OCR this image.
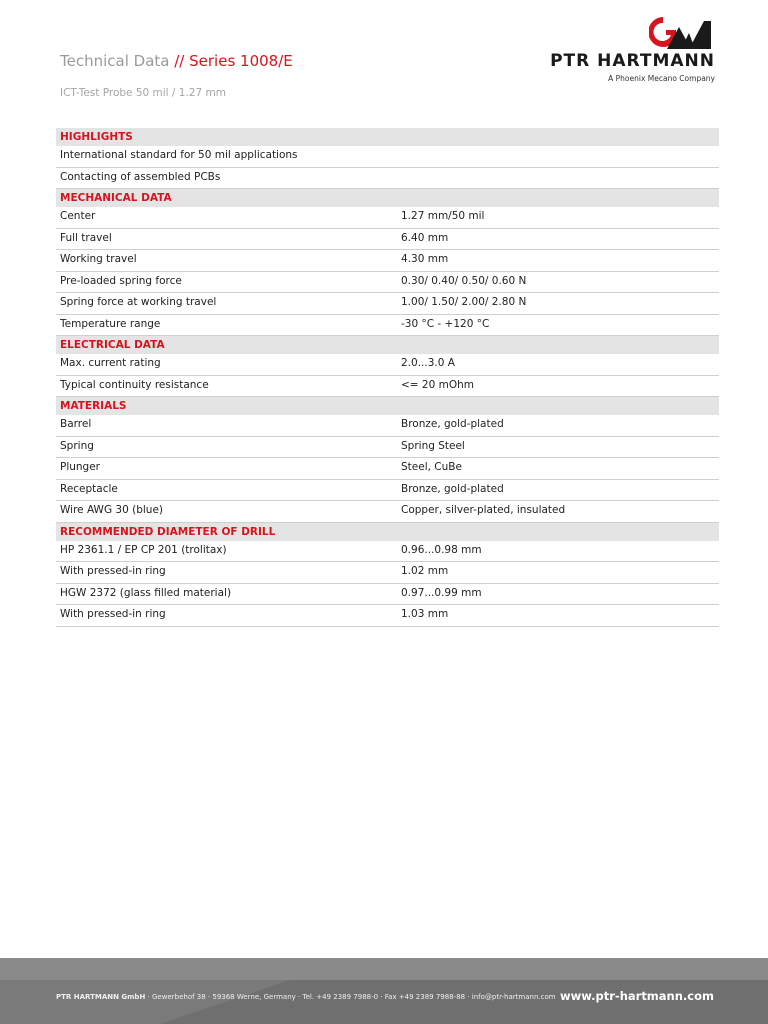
Technical Data // Series 1008/E
ICT-Test Probe 50 mil / 1.27 mm
PTR HARTMANN
A Phoenix Mecano Company
HIGHLIGHTS
International standard for 50 mil applications
Contacting of assembled PCBs
MECHANICAL DATA
Center	1.27 mm/50 mil
Full travel	6.40 mm
Working travel	4.30 mm
Pre-loaded spring force	0.30/ 0.40/ 0.50/ 0.60 N
Spring force at working travel	1.00/ 1.50/ 2.00/ 2.80 N
Temperature range	-30 °C - +120 °C
ELECTRICAL DATA
Max. current rating	2.0...3.0 A
Typical continuity resistance	<= 20 mOhm
MATERIALS
Barrel	Bronze, gold-plated
Spring	Spring Steel
Plunger	Steel, CuBe
Receptacle	Bronze, gold-plated
Wire AWG 30 (blue)	Copper, silver-plated, insulated
RECOMMENDED DIAMETER OF DRILL
HP 2361.1 / EP CP 201 (trolitax)	0.96...0.98 mm
With pressed-in ring	1.02 mm
HGW 2372 (glass filled material)	0.97...0.99 mm
With pressed-in ring	1.03 mm
PTR HARTMANN GmbH · Gewerbehof 38 · 59368 Werne, Germany · Tel. +49 2389 7988-0 · Fax +49 2389 7988-88 · info@ptr-hartmann.com www.ptr-hartmann.com
